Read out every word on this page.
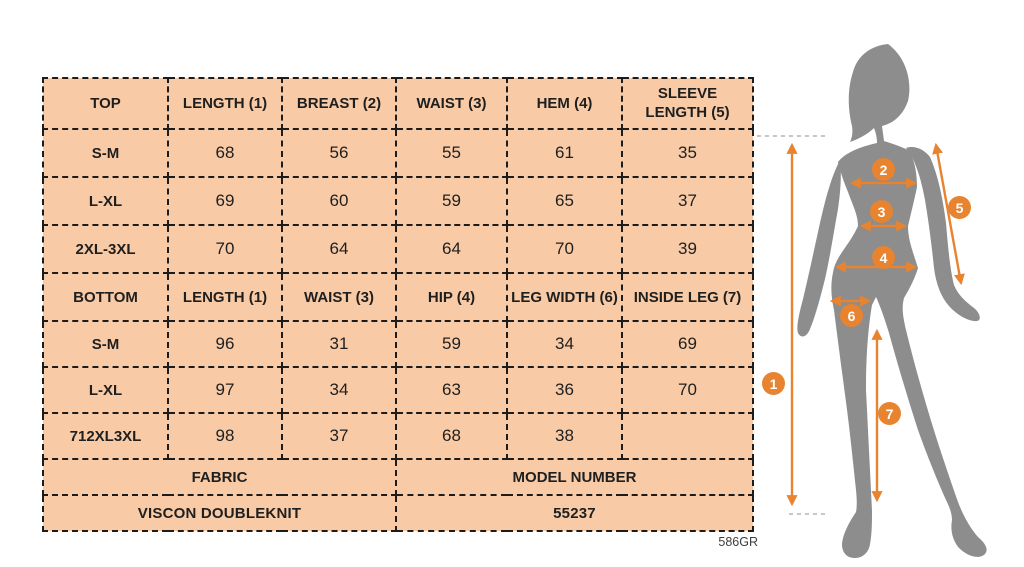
TOP	LENGTH (1)	BREAST (2)	WAIST (3)	HEM (4)	SLEEVE LENGTH (5)
S-M	68	56	55	61	35
L-XL	69	60	59	65	37
2XL-3XL	70	64	64	70	39
BOTTOM	LENGTH (1)	WAIST (3)	HIP (4)	LEG WIDTH (6)	INSIDE LEG (7)
S-M	96	31	59	34	69
L-XL	97	34	63	36	70
712XL3XL	98	37	68	38	
FABRIC			MODEL NUMBER		
VISCON DOUBLEKNIT			55237		
586GR
1
2
3
4
5
6
7
